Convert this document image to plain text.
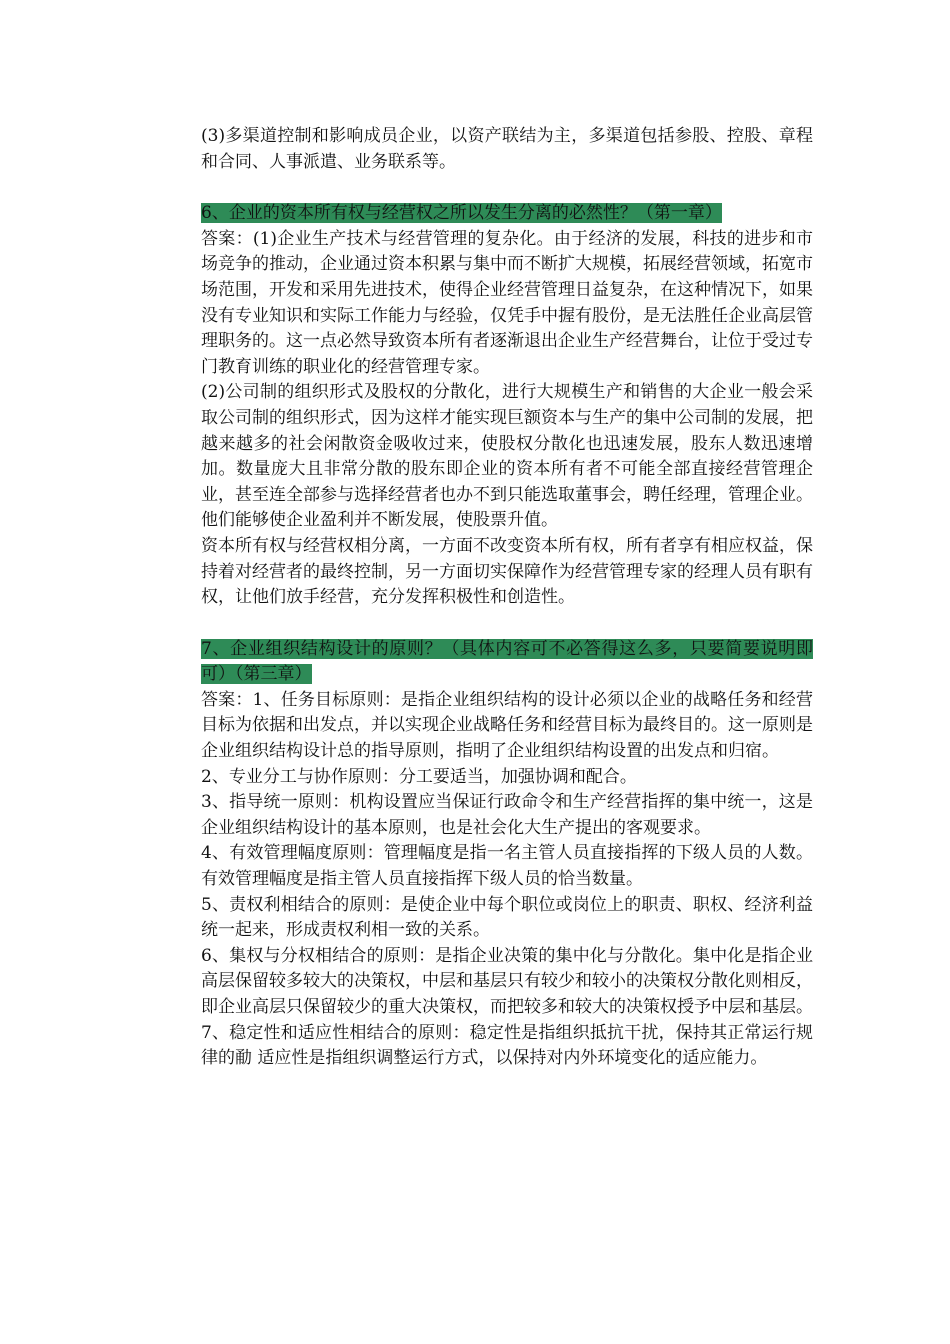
(3)多渠道控制和影响成员企业，以资产联结为主，多渠道包括参股、控股、章程和合同、人事派遣、业务联系等。

6、企业的资本所有权与经营权之所以发生分离的必然性？（第一章）

答案：(1)企业生产技术与经营管理的复杂化。由于经济的发展，科技的进步和市场竞争的推动，企业通过资本积累与集中而不断扩大规模，拓展经营领域，拓宽市场范围，开发和采用先进技术，使得企业经营管理日益复杂，在这种情况下，如果没有专业知识和实际工作能力与经验，仅凭手中握有股份，是无法胜任企业高层管理职务的。这一点必然导致资本所有者逐渐退出企业生产经营舞台，让位于受过专门教育训练的职业化的经营管理专家。

(2)公司制的组织形式及股权的分散化，进行大规模生产和销售的大企业一般会采取公司制的组织形式，因为这样才能实现巨额资本与生产的集中公司制的发展，把越来越多的社会闲散资金吸收过来，使股权分散化也迅速发展，股东人数迅速增加。数量庞大且非常分散的股东即企业的资本所有者不可能全部直接经营管理企业，甚至连全部参与选择经营者也办不到只能选取董事会，聘任经理，管理企业。他们能够使企业盈利并不断发展，使股票升值。

资本所有权与经营权相分离，一方面不改变资本所有权，所有者享有相应权益，保持着对经营者的最终控制，另一方面切实保障作为经营管理专家的经理人员有职有权，让他们放手经营，充分发挥积极性和创造性。

7、企业组织结构设计的原则？（具体内容可不必答得这么多，只要简要说明即可）（第三章）

答案：1、任务目标原则：是指企业组织结构的设计必须以企业的战略任务和经营目标为依据和出发点，并以实现企业战略任务和经营目标为最终目的。这一原则是企业组织结构设计总的指导原则，指明了企业组织结构设置的出发点和归宿。

2、专业分工与协作原则：分工要适当，加强协调和配合。

3、指导统一原则：机构设置应当保证行政命令和生产经营指挥的集中统一，这是企业组织结构设计的基本原则，也是社会化大生产提出的客观要求。

4、有效管理幅度原则：管理幅度是指一名主管人员直接指挥的下级人员的人数。有效管理幅度是指主管人员直接指挥下级人员的恰当数量。

5、责权利相结合的原则：是使企业中每个职位或岗位上的职责、职权、经济利益统一起来，形成责权利相一致的关系。

6、集权与分权相结合的原则：是指企业决策的集中化与分散化。集中化是指企业高层保留较多较大的决策权，中层和基层只有较少和较小的决策权分散化则相反，即企业高层只保留较少的重大决策权，而把较多和较大的决策权授予中层和基层。

7、稳定性和适应性相结合的原则：稳定性是指组织抵抗干扰，保持其正常运行规律的勈 适应性是指组织调整运行方式，以保持对内外环境变化的适应能力。
